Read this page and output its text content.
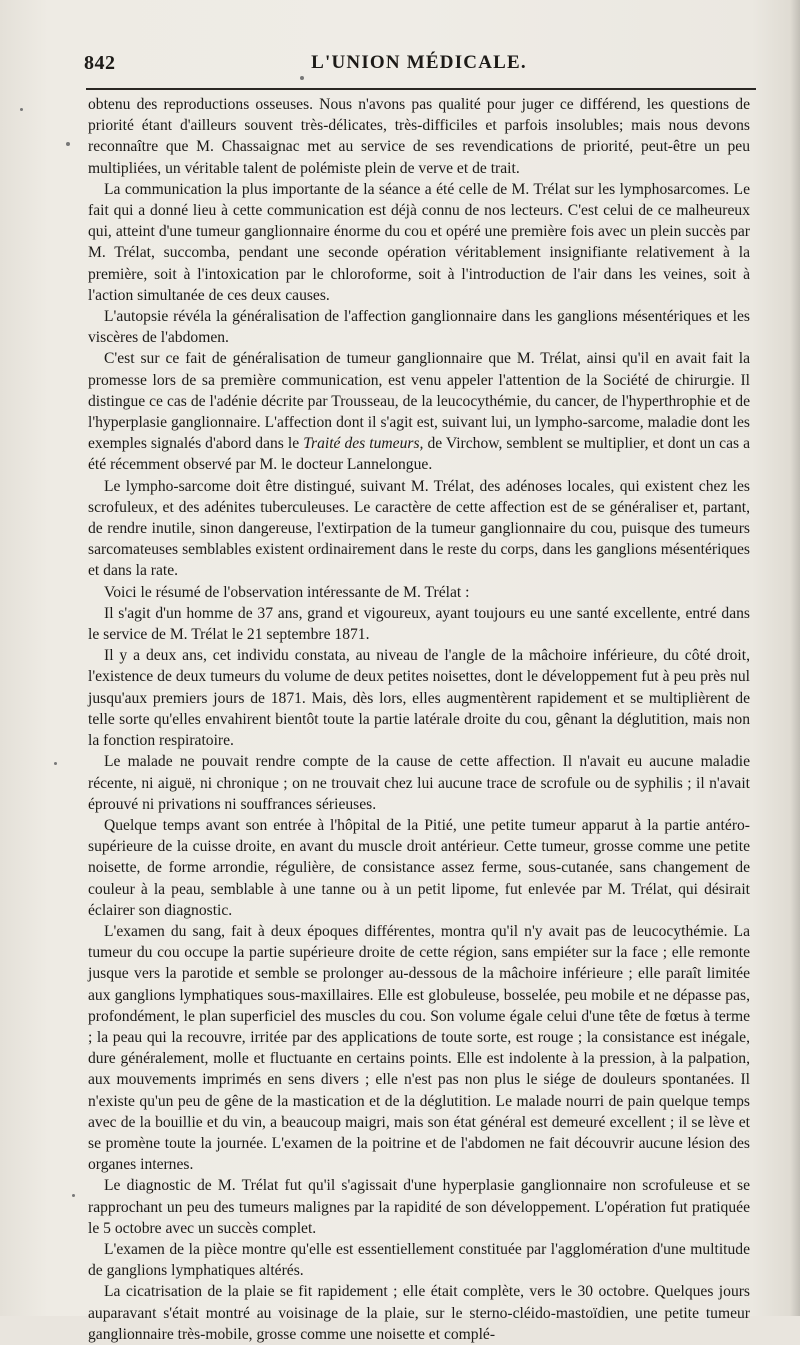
842	L'UNION MÉDICALE.

obtenu des reproductions osseuses. Nous n'avons pas qualité pour juger ce différend, les questions de priorité étant d'ailleurs souvent très-délicates, très-difficiles et parfois insolubles; mais nous devons reconnaître que M. Chassaignac met au service de ses revendications de priorité, peut-être un peu multipliées, un véritable talent de polémiste plein de verve et de trait.

La communication la plus importante de la séance a été celle de M. Trélat sur les lymphosarcomes. Le fait qui a donné lieu à cette communication est déjà connu de nos lecteurs. C'est celui de ce malheureux qui, atteint d'une tumeur ganglionnaire énorme du cou et opéré une première fois avec un plein succès par M. Trélat, succomba, pendant une seconde opération véritablement insignifiante relativement à la première, soit à l'intoxication par le chloroforme, soit à l'introduction de l'air dans les veines, soit à l'action simultanée de ces deux causes.

L'autopsie révéla la généralisation de l'affection ganglionnaire dans les ganglions mésentériques et les viscères de l'abdomen.

C'est sur ce fait de généralisation de tumeur ganglionnaire que M. Trélat, ainsi qu'il en avait fait la promesse lors de sa première communication, est venu appeler l'attention de la Société de chirurgie. Il distingue ce cas de l'adénie décrite par Trousseau, de la leucocythémie, du cancer, de l'hyperthrophie et de l'hyperplasie ganglionnaire. L'affection dont il s'agit est, suivant lui, un lympho-sarcome, maladie dont les exemples signalés d'abord dans le Traité des tumeurs, de Virchow, semblent se multiplier, et dont un cas a été récemment observé par M. le docteur Lannelongue.

Le lympho-sarcome doit être distingué, suivant M. Trélat, des adénoses locales, qui existent chez les scrofuleux, et des adénites tuberculeuses. Le caractère de cette affection est de se généraliser et, partant, de rendre inutile, sinon dangereuse, l'extirpation de la tumeur ganglionnaire du cou, puisque des tumeurs sarcomateuses semblables existent ordinairement dans le reste du corps, dans les ganglions mésentériques et dans la rate.

Voici le résumé de l'observation intéressante de M. Trélat :

Il s'agit d'un homme de 37 ans, grand et vigoureux, ayant toujours eu une santé excellente, entré dans le service de M. Trélat le 21 septembre 1871.

Il y a deux ans, cet individu constata, au niveau de l'angle de la mâchoire inférieure, du côté droit, l'existence de deux tumeurs du volume de deux petites noisettes, dont le développement fut à peu près nul jusqu'aux premiers jours de 1871. Mais, dès lors, elles augmentèrent rapidement et se multiplièrent de telle sorte qu'elles envahirent bientôt toute la partie latérale droite du cou, gênant la déglutition, mais non la fonction respiratoire.

Le malade ne pouvait rendre compte de la cause de cette affection. Il n'avait eu aucune maladie récente, ni aiguë, ni chronique ; on ne trouvait chez lui aucune trace de scrofule ou de syphilis ; il n'avait éprouvé ni privations ni souffrances sérieuses.

Quelque temps avant son entrée à l'hôpital de la Pitié, une petite tumeur apparut à la partie antéro-supérieure de la cuisse droite, en avant du muscle droit antérieur. Cette tumeur, grosse comme une petite noisette, de forme arrondie, régulière, de consistance assez ferme, sous-cutanée, sans changement de couleur à la peau, semblable à une tanne ou à un petit lipome, fut enlevée par M. Trélat, qui désirait éclairer son diagnostic.

L'examen du sang, fait à deux époques différentes, montra qu'il n'y avait pas de leucocythémie. La tumeur du cou occupe la partie supérieure droite de cette région, sans empiéter sur la face ; elle remonte jusque vers la parotide et semble se prolonger au-dessous de la mâchoire inférieure ; elle paraît limitée aux ganglions lymphatiques sous-maxillaires. Elle est globuleuse, bosselée, peu mobile et ne dépasse pas, profondément, le plan superficiel des muscles du cou. Son volume égale celui d'une tête de fœtus à terme ; la peau qui la recouvre, irritée par des applications de toute sorte, est rouge ; la consistance est inégale, dure généralement, molle et fluctuante en certains points. Elle est indolente à la pression, à la palpation, aux mouvements imprimés en sens divers ; elle n'est pas non plus le siége de douleurs spontanées. Il n'existe qu'un peu de gêne de la mastication et de la déglutition. Le malade nourri de pain quelque temps avec de la bouillie et du vin, a beaucoup maigri, mais son état général est demeuré excellent ; il se lève et se promène toute la journée. L'examen de la poitrine et de l'abdomen ne fait découvrir aucune lésion des organes internes.

Le diagnostic de M. Trélat fut qu'il s'agissait d'une hyperplasie ganglionnaire non scrofuleuse et se rapprochant un peu des tumeurs malignes par la rapidité de son développement. L'opération fut pratiquée le 5 octobre avec un succès complet.

L'examen de la pièce montre qu'elle est essentiellement constituée par l'agglomération d'une multitude de ganglions lymphatiques altérés.

La cicatrisation de la plaie se fit rapidement ; elle était complète, vers le 30 octobre. Quelques jours auparavant s'était montré au voisinage de la plaie, sur le sterno-cléido-mastoïdien, une petite tumeur ganglionnaire très-mobile, grosse comme une noisette et complé-
